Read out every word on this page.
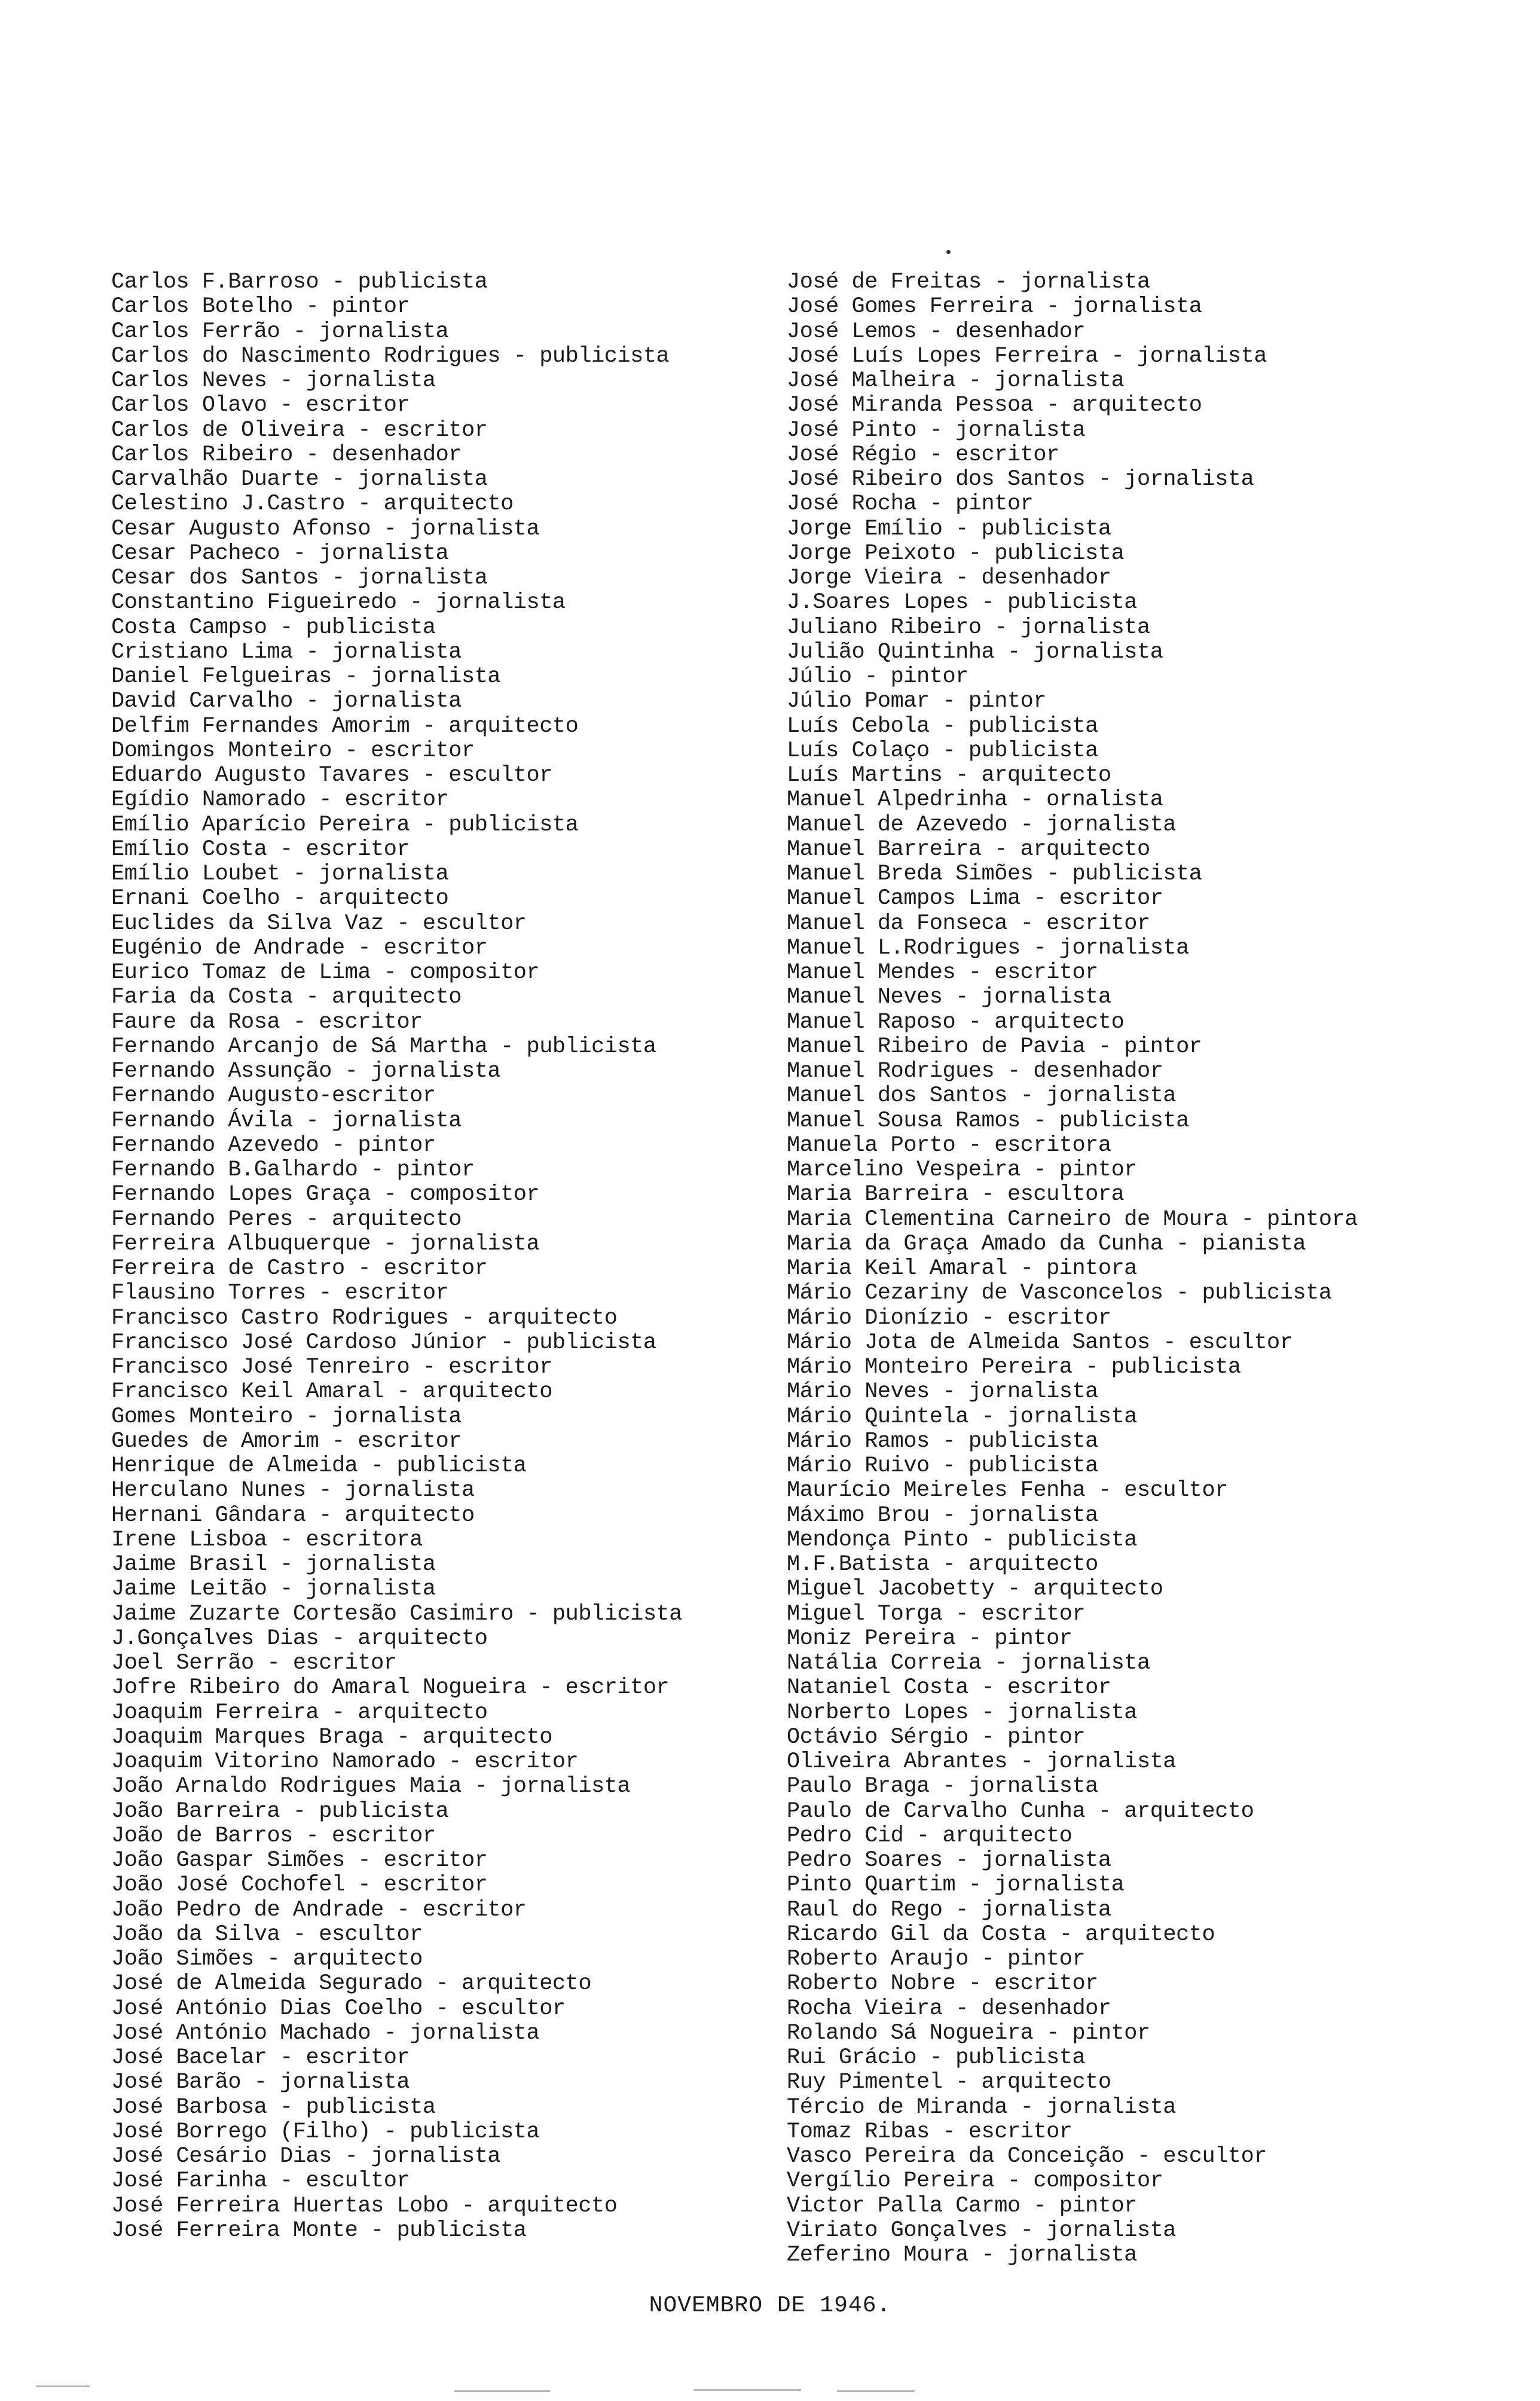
Carlos F.Barroso - publicista
Carlos Botelho - pintor
Carlos Ferrão - jornalista
Carlos do Nascimento Rodrigues - publicista
Carlos Neves - jornalista
Carlos Olavo - escritor
Carlos de Oliveira - escritor
Carlos Ribeiro - desenhador
Carvalhão Duarte - jornalista
Celestino J.Castro - arquitecto
Cesar Augusto Afonso - jornalista
Cesar Pacheco - jornalista
Cesar dos Santos - jornalista
Constantino Figueiredo - jornalista
Costa Campso - publicista
Cristiano Lima - jornalista
Daniel Felgueiras - jornalista
David Carvalho - jornalista
Delfim Fernandes Amorim - arquitecto
Domingos Monteiro - escritor
Eduardo Augusto Tavares - escultor
Egídio Namorado - escritor
Emílio Aparício Pereira - publicista
Emílio Costa - escritor
Emílio Loubet - jornalista
Ernani Coelho - arquitecto
Euclides da Silva Vaz - escultor
Eugénio de Andrade - escritor
Eurico Tomaz de Lima - compositor
Faria da Costa - arquitecto
Faure da Rosa - escritor
Fernando Arcanjo de Sá Martha - publicista
Fernando Assunção - jornalista
Fernando Augusto-escritor
Fernando Ávila - jornalista
Fernando Azevedo - pintor
Fernando B.Galhardo - pintor
Fernando Lopes Graça - compositor
Fernando Peres - arquitecto
Ferreira Albuquerque - jornalista
Ferreira de Castro - escritor
Flausino Torres - escritor
Francisco Castro Rodrigues - arquitecto
Francisco José Cardoso Júnior - publicista
Francisco José Tenreiro - escritor
Francisco Keil Amaral - arquitecto
Gomes Monteiro - jornalista
Guedes de Amorim - escritor
Henrique de Almeida - publicista
Herculano Nunes - jornalista
Hernani Gândara - arquitecto
Irene Lisboa - escritora
Jaime Brasil - jornalista
Jaime Leitão - jornalista
Jaime Zuzarte Cortesão Casimiro - publicista
J.Gonçalves Dias - arquitecto
Joel Serrão - escritor
Jofre Ribeiro do Amaral Nogueira - escritor
Joaquim Ferreira - arquitecto
Joaquim Marques Braga - arquitecto
Joaquim Vitorino Namorado - escritor
João Arnaldo Rodrigues Maia - jornalista
João Barreira - publicista
João de Barros - escritor
João Gaspar Simões - escritor
João José Cochofel - escritor
João Pedro de Andrade - escritor
João da Silva - escultor
João Simões - arquitecto
José de Almeida Segurado - arquitecto
José António Dias Coelho - escultor
José António Machado - jornalista
José Bacelar - escritor
José Barão - jornalista
José Barbosa - publicista
José Borrego (Filho) - publicista
José Cesário Dias - jornalista
José Farinha - escultor
José Ferreira Huertas Lobo - arquitecto
José Ferreira Monte - publicista
José de Freitas - jornalista
José Gomes Ferreira - jornalista
José Lemos - desenhador
José Luís Lopes Ferreira - jornalista
José Malheira - jornalista
José Miranda Pessoa - arquitecto
José Pinto - jornalista
José Régio - escritor
José Ribeiro dos Santos - jornalista
José Rocha - pintor
Jorge Emílio - publicista
Jorge Peixoto - publicista
Jorge Vieira - desenhador
J.Soares Lopes - publicista
Juliano Ribeiro - jornalista
Julião Quintinha - jornalista
Júlio - pintor
Júlio Pomar - pintor
Luís Cebola - publicista
Luís Colaço - publicista
Luís Martins - arquitecto
Manuel Alpedrinha - ornalista
Manuel de Azevedo - jornalista
Manuel Barreira - arquitecto
Manuel Breda Simões - publicista
Manuel Campos Lima - escritor
Manuel da Fonseca - escritor
Manuel L.Rodrigues - jornalista
Manuel Mendes - escritor
Manuel Neves - jornalista
Manuel Raposo - arquitecto
Manuel Ribeiro de Pavia - pintor
Manuel Rodrigues - desenhador
Manuel dos Santos - jornalista
Manuel Sousa Ramos - publicista
Manuela Porto - escritora
Marcelino Vespeira - pintor
Maria Barreira - escultora
Maria Clementina Carneiro de Moura - pintora
Maria da Graça Amado da Cunha - pianista
Maria Keil Amaral - pintora
Mário Cezariny de Vasconcelos - publicista
Mário Dionízio - escritor
Mário Jota de Almeida Santos - escultor
Mário Monteiro Pereira - publicista
Mário Neves - jornalista
Mário Quintela - jornalista
Mário Ramos - publicista
Mário Ruivo - publicista
Maurício Meireles Fenha - escultor
Máximo Brou - jornalista
Mendonça Pinto - publicista
M.F.Batista - arquitecto
Miguel Jacobetty - arquitecto
Miguel Torga - escritor
Moniz Pereira - pintor
Natália Correia - jornalista
Nataniel Costa - escritor
Norberto Lopes - jornalista
Octávio Sérgio - pintor
Oliveira Abrantes - jornalista
Paulo Braga - jornalista
Paulo de Carvalho Cunha - arquitecto
Pedro Cid - arquitecto
Pedro Soares - jornalista
Pinto Quartim - jornalista
Raul do Rego - jornalista
Ricardo Gil da Costa - arquitecto
Roberto Araujo - pintor
Roberto Nobre - escritor
Rocha Vieira - desenhador
Rolando Sá Nogueira - pintor
Rui Grácio - publicista
Ruy Pimentel - arquitecto
Tércio de Miranda - jornalista
Tomaz Ribas - escritor
Vasco Pereira da Conceição - escultor
Vergílio Pereira - compositor
Victor Palla Carmo - pintor
Viriato Gonçalves - jornalista
Zeferino Moura - jornalista
NOVEMBRO DE 1946.
